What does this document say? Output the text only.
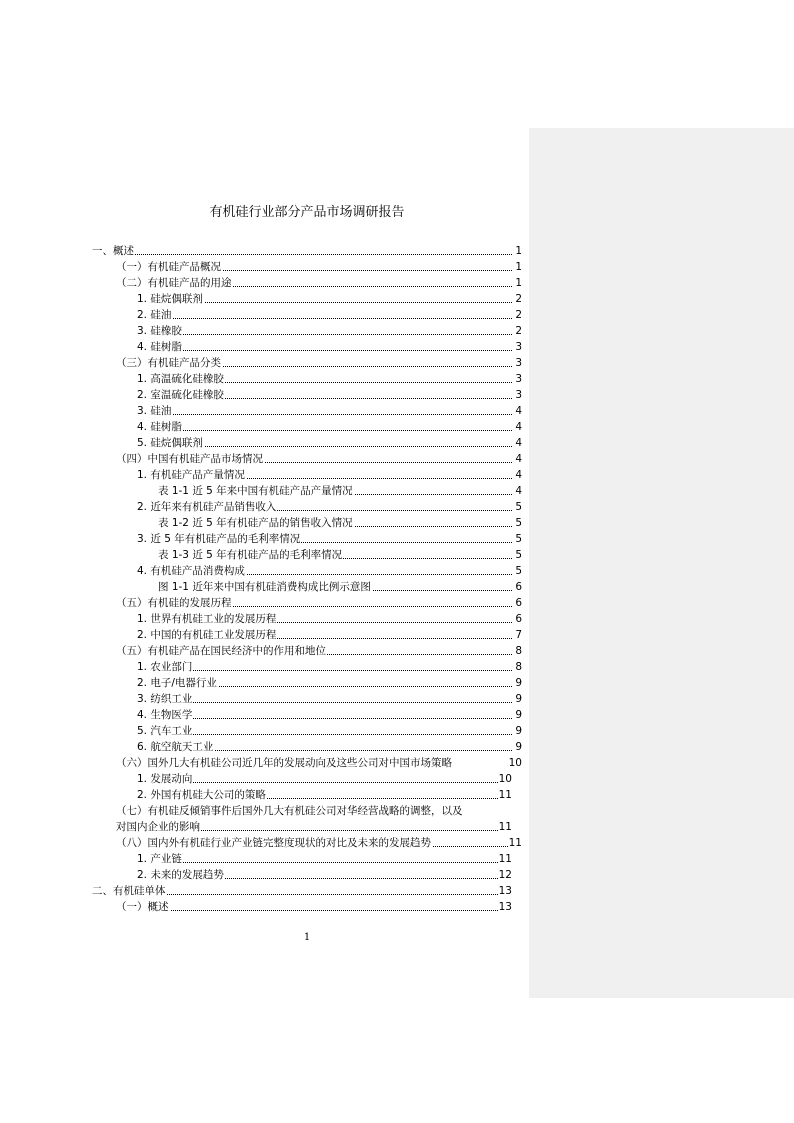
有机硅行业部分产品市场调研报告
一、概述	1
（一）有机硅产品概况	1
（二）有机硅产品的用途	1
1. 硅烷偶联剂	2
2. 硅油	2
3. 硅橡胶	2
4. 硅树脂	3
（三）有机硅产品分类	3
1. 高温硫化硅橡胶	3
2. 室温硫化硅橡胶	3
3. 硅油	4
4. 硅树脂	4
5. 硅烷偶联剂	4
（四）中国有机硅产品市场情况	4
1. 有机硅产品产量情况	4
表 1-1 近 5 年来中国有机硅产品产量情况	4
2. 近年来有机硅产品销售收入	5
表 1-2 近 5 年有机硅产品的销售收入情况	5
3. 近 5 年有机硅产品的毛利率情况	5
表 1-3 近 5 年有机硅产品的毛利率情况	5
4. 有机硅产品消费构成	5
图 1-1 近年来中国有机硅消费构成比例示意图	6
（五）有机硅的发展历程	6
1. 世界有机硅工业的发展历程	6
2. 中国的有机硅工业发展历程	7
（五）有机硅产品在国民经济中的作用和地位	8
1. 农业部门	8
2. 电子/电器行业	9
3. 纺织工业	9
4. 生物医学	9
5. 汽车工业	9
6. 航空航天工业	9
（六）国外几大有机硅公司近几年的发展动向及这些公司对中国市场策略	10
1. 发展动向	10
2. 外国有机硅大公司的策略	11
（七）有机硅反倾销事件后国外几大有机硅公司对华经营战略的调整，以及
对国内企业的影响	11
（八）国内外有机硅行业产业链完整度现状的对比及未来的发展趋势	11
1. 产业链	11
2. 未来的发展趋势	12
二、有机硅单体	13
（一）概述	13
1
